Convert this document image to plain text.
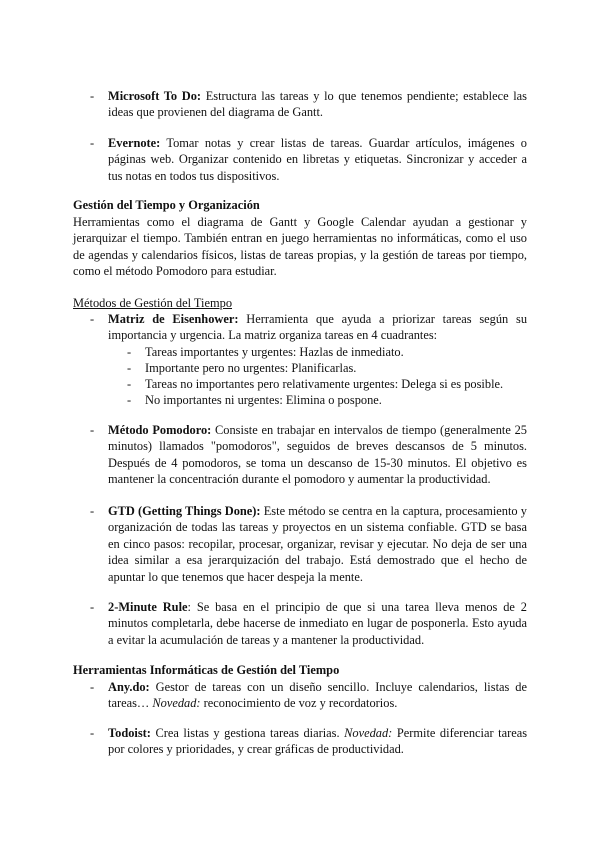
- Microsoft To Do: Estructura las tareas y lo que tenemos pendiente; establece las ideas que provienen del diagrama de Gantt.
- Evernote: Tomar notas y crear listas de tareas. Guardar artículos, imágenes o páginas web. Organizar contenido en libretas y etiquetas. Sincronizar y acceder a tus notas en todos tus dispositivos.
Gestión del Tiempo y Organización
Herramientas como el diagrama de Gantt y Google Calendar ayudan a gestionar y jerarquizar el tiempo. También entran en juego herramientas no informáticas, como el uso de agendas y calendarios físicos, listas de tareas propias, y la gestión de tareas por tiempo, como el método Pomodoro para estudiar.
Métodos de Gestión del Tiempo
- Matriz de Eisenhower: Herramienta que ayuda a priorizar tareas según su importancia y urgencia. La matriz organiza tareas en 4 cuadrantes:
- Tareas importantes y urgentes: Hazlas de inmediato.
- Importante pero no urgentes: Planificarlas.
- Tareas no importantes pero relativamente urgentes: Delega si es posible.
- No importantes ni urgentes: Elimina o pospone.
- Método Pomodoro: Consiste en trabajar en intervalos de tiempo (generalmente 25 minutos) llamados "pomodoros", seguidos de breves descansos de 5 minutos. Después de 4 pomodoros, se toma un descanso de 15-30 minutos. El objetivo es mantener la concentración durante el pomodoro y aumentar la productividad.
- GTD (Getting Things Done): Este método se centra en la captura, procesamiento y organización de todas las tareas y proyectos en un sistema confiable. GTD se basa en cinco pasos: recopilar, procesar, organizar, revisar y ejecutar. No deja de ser una idea similar a esa jerarquización del trabajo. Está demostrado que el hecho de apuntar lo que tenemos que hacer despeja la mente.
- 2-Minute Rule: Se basa en el principio de que si una tarea lleva menos de 2 minutos completarla, debe hacerse de inmediato en lugar de posponerla. Esto ayuda a evitar la acumulación de tareas y a mantener la productividad.
Herramientas Informáticas de Gestión del Tiempo
- Any.do: Gestor de tareas con un diseño sencillo. Incluye calendarios, listas de tareas… Novedad: reconocimiento de voz y recordatorios.
- Todoist: Crea listas y gestiona tareas diarias. Novedad: Permite diferenciar tareas por colores y prioridades, y crear gráficas de productividad.
